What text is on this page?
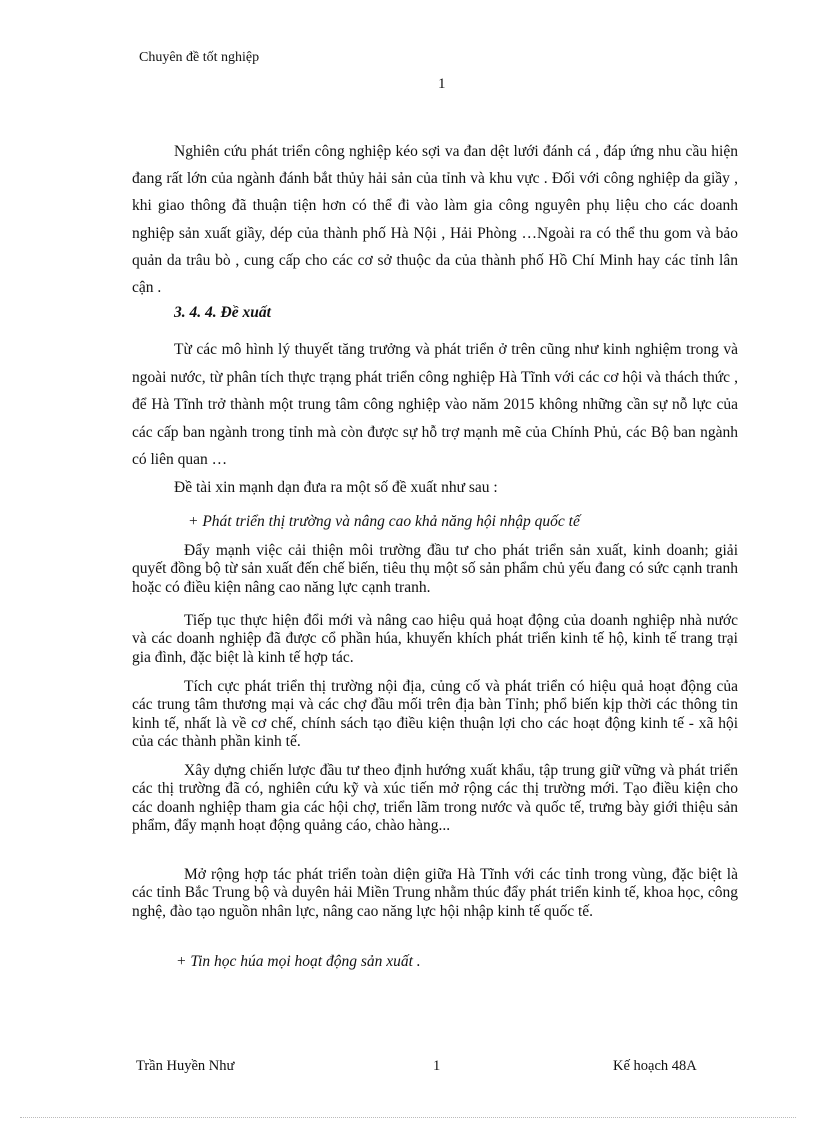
Chuyên đề tốt nghiệp
1

Nghiên cứu phát triển công nghiệp kéo sợi va đan dệt lưới đánh cá , đáp ứng nhu cầu hiện đang rất lớn của ngành đánh bắt thủy hải sản của tỉnh và khu vực . Đối với công nghiệp da giầy , khi giao thông đã thuận tiện hơn có thể đi vào làm gia công nguyên phụ liệu cho các doanh nghiệp sản xuất giầy, dép của thành phố Hà Nội , Hải Phòng …Ngoài ra có thể thu gom và bảo quản da trâu bò , cung cấp cho các cơ sở thuộc da của thành phố Hồ Chí Minh hay các tỉnh lân cận .

3. 4. 4. Đề xuất

Từ các mô hình lý thuyết tăng trưởng và phát triển ở trên cũng như kinh nghiệm trong và ngoài nước, từ phân tích thực trạng phát triển công nghiệp Hà Tĩnh với các cơ hội và thách thức , để Hà Tĩnh trở thành một trung tâm công nghiệp vào năm 2015 không những cần sự nỗ lực của các cấp ban ngành trong tỉnh mà còn được sự hỗ trợ mạnh mẽ của Chính Phủ, các Bộ ban ngành có liên quan …

Đề tài xin mạnh dạn đưa ra một số đề xuất như sau :
+ Phát triển thị trường và nâng cao khả năng hội nhập quốc tế

Đẩy mạnh việc cải thiện môi trường đầu tư cho phát triển sản xuất, kinh doanh; giải quyết đồng bộ từ sản xuất đến chế biến, tiêu thụ một số sản phẩm chủ yếu đang có sức cạnh tranh hoặc có điều kiện nâng cao năng lực cạnh tranh.

Tiếp tục thực hiện đổi mới và nâng cao hiệu quả hoạt động của doanh nghiệp nhà nước và các doanh nghiệp đã được cổ phần húa, khuyến khích phát triển kinh tế hộ, kinh tế trang trại gia đình, đặc biệt là kinh tế hợp tác.

Tích cực phát triển thị trường nội địa, củng cố và phát triển có hiệu quả hoạt động của các trung tâm thương mại và các chợ đầu mối trên địa bàn Tỉnh; phổ biến kịp thời các thông tin kinh tế, nhất là về cơ chế, chính sách tạo điều kiện thuận lợi cho các hoạt động kinh tế - xã hội của các thành phần kinh tế.

Xây dựng chiến lược đầu tư theo định hướng xuất khẩu, tập trung giữ vững và phát triển các thị trường đã có, nghiên cứu kỹ và xúc tiến mở rộng các thị trường mới. Tạo điều kiện cho các doanh nghiệp tham gia các hội chợ, triển lãm trong nước và quốc tế, trưng bày giới thiệu sản phẩm, đẩy mạnh hoạt động quảng cáo, chào hàng...

Mở rộng hợp tác phát triển toàn diện giữa Hà Tĩnh với các tỉnh trong vùng, đặc biệt là các tỉnh Bắc Trung bộ và duyên hải Miền Trung nhằm thúc đẩy phát triển kinh tế, khoa học, công nghệ, đào tạo nguồn nhân lực, nâng cao năng lực hội nhập kinh tế quốc tế.

+ Tin học húa mọi hoạt động sản xuất .
Trần Huyền Như	1	Kế hoạch 48A
